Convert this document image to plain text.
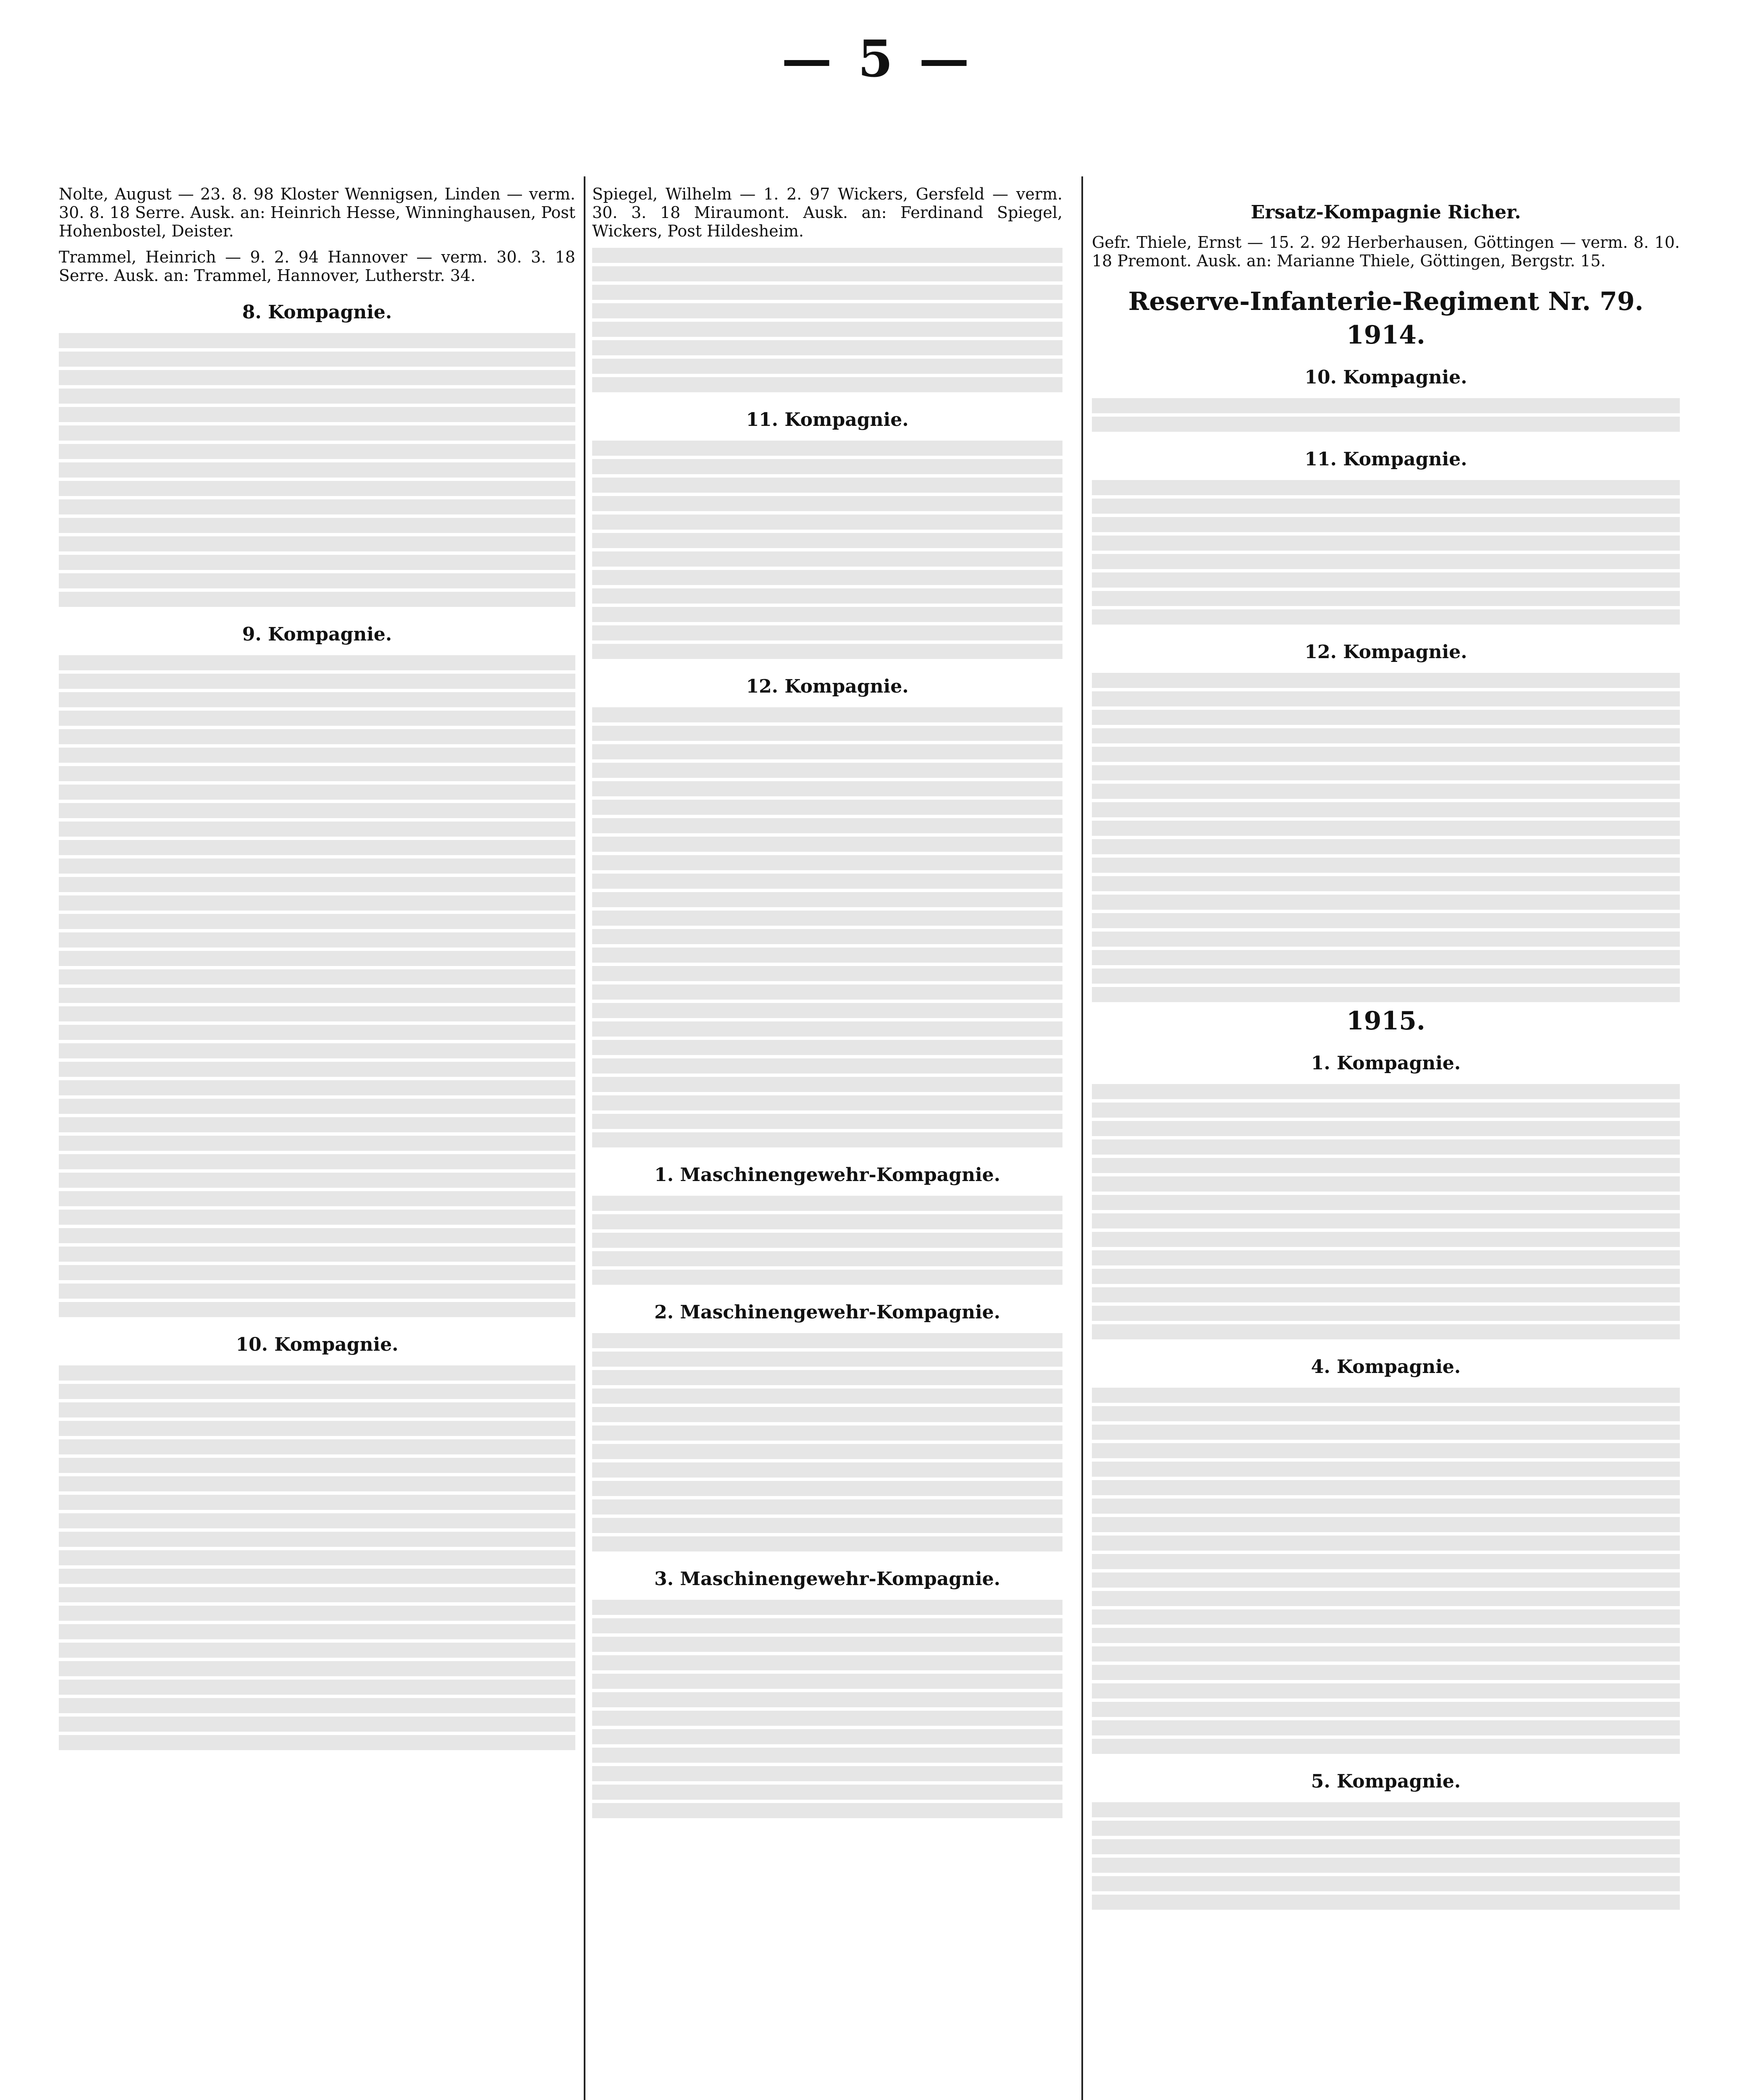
— 5 —
Nolte, August — 23. 8. 98 Kloster Wennigsen, Linden — verm. 30. 8. 18 Serre. Ausk. an: Heinrich Hesse, Winninghausen, Post Hohenbostel, Deister.
Trammel, Heinrich — 9. 2. 94 Hannover — verm. 30. 3. 18 Serre. Ausk. an: Trammel, Hannover, Lutherstr. 34.
8. Kompagnie.
9. Kompagnie.
10. Kompagnie.
Spiegel, Wilhelm — 1. 2. 97 Wickers, Gersfeld — verm. 30. 3. 18 Miraumont. Ausk. an: Ferdinand Spiegel, Wickers, Post Hildesheim.
11. Kompagnie.
12. Kompagnie.
1. Maschinengewehr-Kompagnie.
2. Maschinengewehr-Kompagnie.
3. Maschinengewehr-Kompagnie.
Ersatz-Kompagnie Richer.
Gefr. Thiele, Ernst — 15. 2. 92 Herberhausen, Göttingen — verm. 8. 10. 18 Premont. Ausk. an: Marianne Thiele, Göttingen, Bergstr. 15.
Reserve-Infanterie-Regiment Nr. 79.
1914.
10. Kompagnie.
11. Kompagnie.
12. Kompagnie.
1915.
1. Kompagnie.
4. Kompagnie.
5. Kompagnie.
